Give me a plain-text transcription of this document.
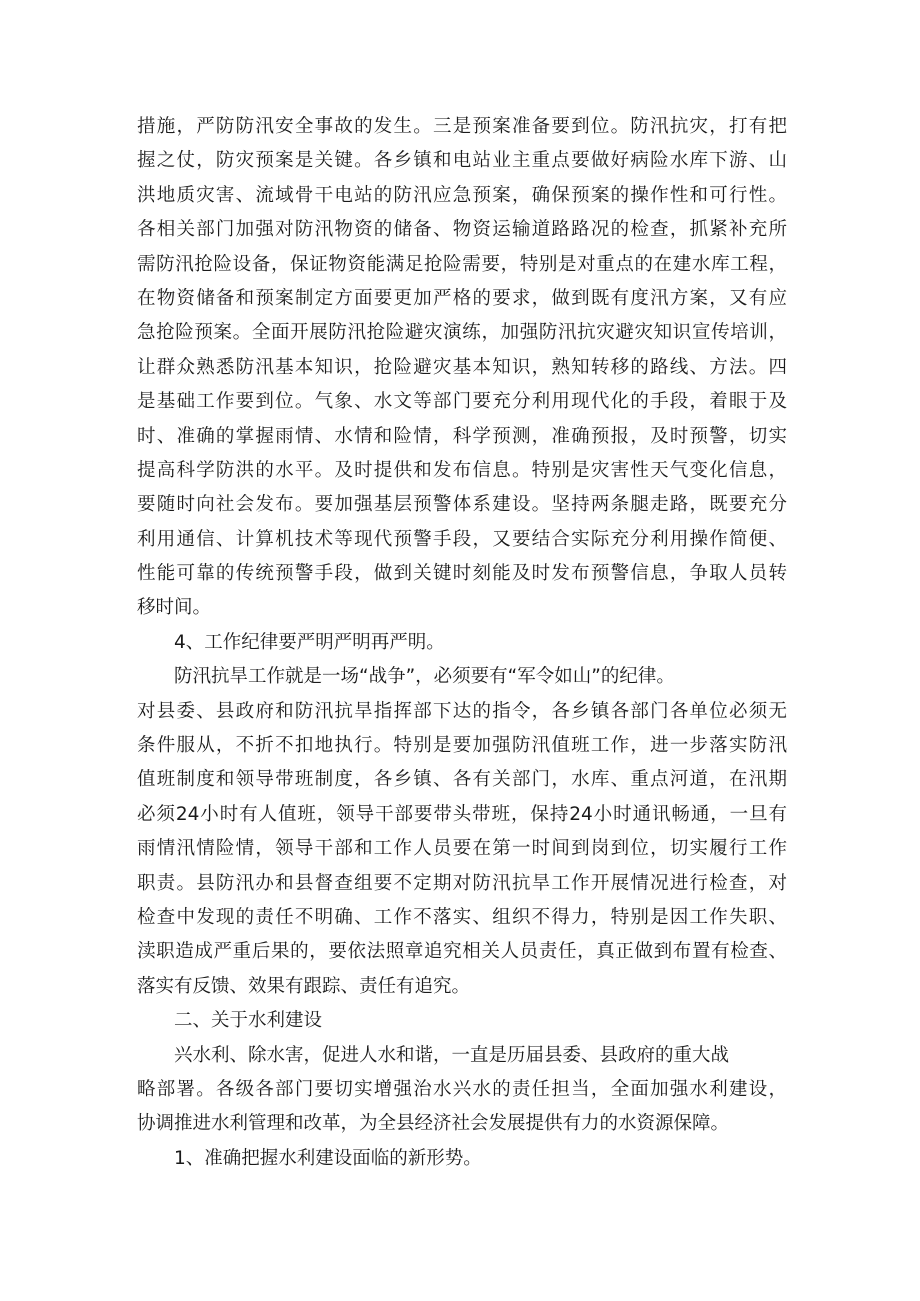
措施，严防防汛安全事故的发生。三是预案准备要到位。防汛抗灾，打有把
握之仗，防灾预案是关键。各乡镇和电站业主重点要做好病险水库下游、山
洪地质灾害、流域骨干电站的防汛应急预案，确保预案的操作性和可行性。
各相关部门加强对防汛物资的储备、物资运输道路路况的检查，抓紧补充所
需防汛抢险设备，保证物资能满足抢险需要，特别是对重点的在建水库工程，
在物资储备和预案制定方面要更加严格的要求，做到既有度汛方案，又有应
急抢险预案。全面开展防汛抢险避灾演练，加强防汛抗灾避灾知识宣传培训，
让群众熟悉防汛基本知识，抢险避灾基本知识，熟知转移的路线、方法。四
是基础工作要到位。气象、水文等部门要充分利用现代化的手段，着眼于及
时、准确的掌握雨情、水情和险情，科学预测，准确预报，及时预警，切实
提高科学防洪的水平。及时提供和发布信息。特别是灾害性天气变化信息，
要随时向社会发布。要加强基层预警体系建设。坚持两条腿走路，既要充分
利用通信、计算机技术等现代预警手段，又要结合实际充分利用操作简便、
性能可靠的传统预警手段，做到关键时刻能及时发布预警信息，争取人员转
移时间。
4、工作纪律要严明严明再严明。
防汛抗旱工作就是一场“战争”，必须要有“军令如山”的纪律。
对县委、县政府和防汛抗旱指挥部下达的指令，各乡镇各部门各单位必须无
条件服从，不折不扣地执行。特别是要加强防汛值班工作，进一步落实防汛
值班制度和领导带班制度，各乡镇、各有关部门，水库、重点河道，在汛期
必须24小时有人值班，领导干部要带头带班，保持24小时通讯畅通，一旦有
雨情汛情险情，领导干部和工作人员要在第一时间到岗到位，切实履行工作
职责。县防汛办和县督查组要不定期对防汛抗旱工作开展情况进行检查，对
检查中发现的责任不明确、工作不落实、组织不得力，特别是因工作失职、
渎职造成严重后果的，要依法照章追究相关人员责任，真正做到布置有检查、
落实有反馈、效果有跟踪、责任有追究。
二、关于水利建设
兴水利、除水害，促进人水和谐，一直是历届县委、县政府的重大战
略部署。各级各部门要切实增强治水兴水的责任担当，全面加强水利建设，
协调推进水利管理和改革，为全县经济社会发展提供有力的水资源保障。
1、准确把握水利建设面临的新形势。
